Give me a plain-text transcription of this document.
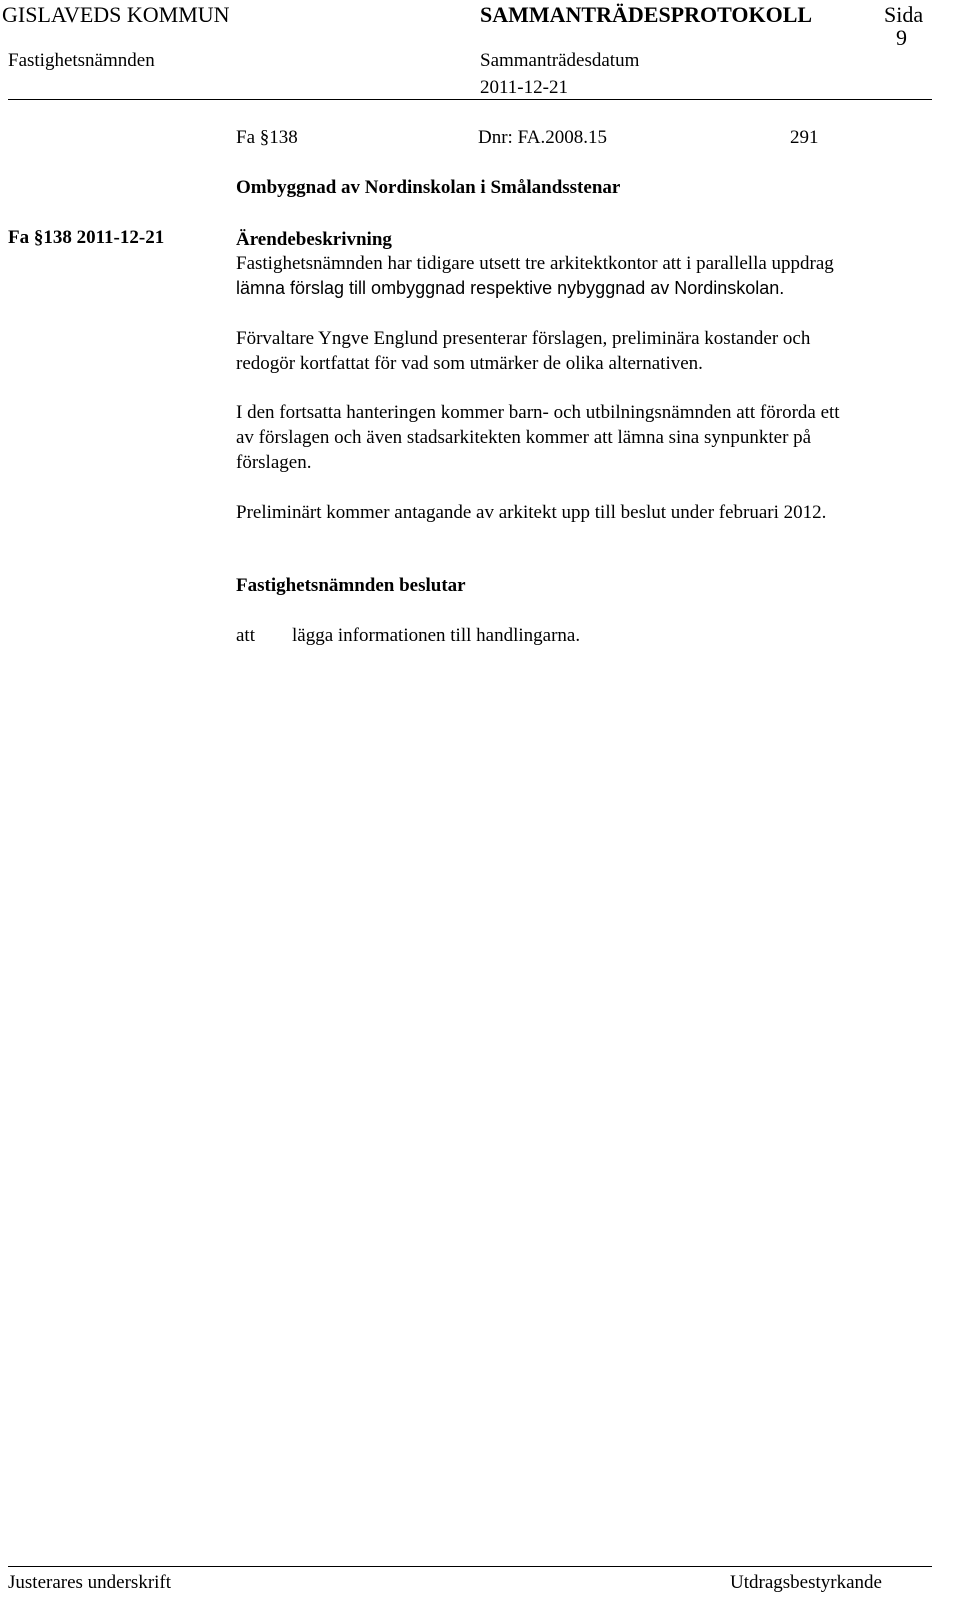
GISLAVEDS KOMMUN	SAMMANTRÄDESPROTOKOLL	Sida
9
Fastighetsnämnden	Sammanträdesdatum
2011-12-21
Fa §138	Dnr: FA.2008.15	291
Ombyggnad av Nordinskolan i Smålandsstenar
Fa §138 2011-12-21	Ärendebeskrivning
Fastighetsnämnden har tidigare utsett tre arkitektkontor att i parallella uppdrag
lämna förslag till ombyggnad respektive nybyggnad av Nordinskolan.
Förvaltare Yngve Englund presenterar förslagen, preliminära kostander och
redogör kortfattat för vad som utmärker de olika alternativen.
I den fortsatta hanteringen kommer barn- och utbilningsnämnden att förorda ett
av förslagen och även stadsarkitekten kommer att lämna sina synpunkter på
förslagen.
Preliminärt kommer antagande av arkitekt upp till beslut under februari 2012.
Fastighetsnämnden beslutar
att lägga informationen till handlingarna.
Justerares underskrift	Utdragsbestyrkande
